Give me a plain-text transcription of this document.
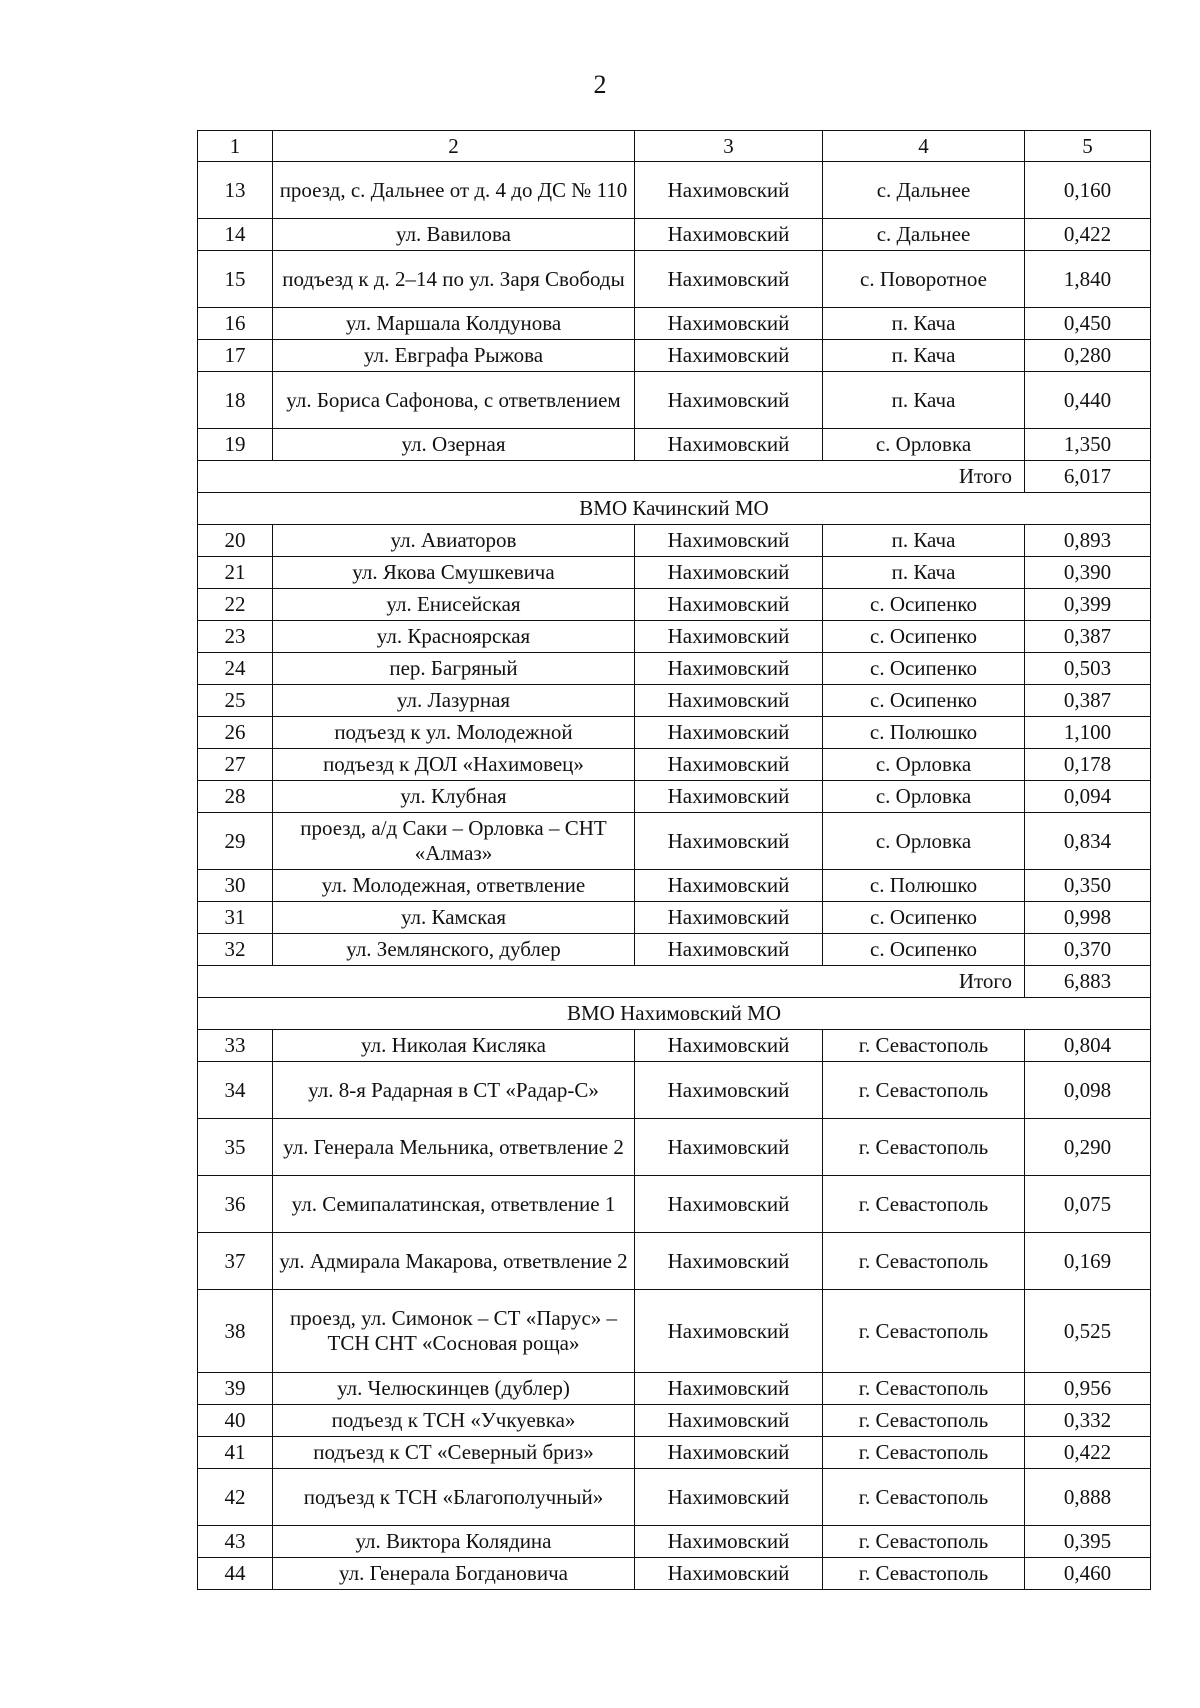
2
1	2	3	4	5
13	проезд, с. Дальнее от д. 4 до ДС № 110	Нахимовский	с. Дальнее	0,160
14	ул. Вавилова	Нахимовский	с. Дальнее	0,422
15	подъезд к д. 2–14 по ул. Заря Свободы	Нахимовский	с. Поворотное	1,840
16	ул. Маршала Колдунова	Нахимовский	п. Кача	0,450
17	ул. Евграфа Рыжова	Нахимовский	п. Кача	0,280
18	ул. Бориса Сафонова, с ответвлением	Нахимовский	п. Кача	0,440
19	ул. Озерная	Нахимовский	с. Орловка	1,350
Итого				6,017
ВМО Качинский МО				
20	ул. Авиаторов	Нахимовский	п. Кача	0,893
21	ул. Якова Смушкевича	Нахимовский	п. Кача	0,390
22	ул. Енисейская	Нахимовский	с. Осипенко	0,399
23	ул. Красноярская	Нахимовский	с. Осипенко	0,387
24	пер. Багряный	Нахимовский	с. Осипенко	0,503
25	ул. Лазурная	Нахимовский	с. Осипенко	0,387
26	подъезд к ул. Молодежной	Нахимовский	с. Полюшко	1,100
27	подъезд к ДОЛ «Нахимовец»	Нахимовский	с. Орловка	0,178
28	ул. Клубная	Нахимовский	с. Орловка	0,094
29	проезд, а/д Саки – Орловка – СНТ «Алмаз»	Нахимовский	с. Орловка	0,834
30	ул. Молодежная, ответвление	Нахимовский	с. Полюшко	0,350
31	ул. Камская	Нахимовский	с. Осипенко	0,998
32	ул. Землянского, дублер	Нахимовский	с. Осипенко	0,370
Итого				6,883
ВМО Нахимовский МО				
33	ул. Николая Кисляка	Нахимовский	г. Севастополь	0,804
34	ул. 8-я Радарная в СТ «Радар-С»	Нахимовский	г. Севастополь	0,098
35	ул. Генерала Мельника, ответвление 2	Нахимовский	г. Севастополь	0,290
36	ул. Семипалатинская, ответвление 1	Нахимовский	г. Севастополь	0,075
37	ул. Адмирала Макарова, ответвление 2	Нахимовский	г. Севастополь	0,169
38	проезд, ул. Симонок – СТ «Парус» – ТСН СНТ «Сосновая роща»	Нахимовский	г. Севастополь	0,525
39	ул. Челюскинцев (дублер)	Нахимовский	г. Севастополь	0,956
40	подъезд к ТСН «Учкуевка»	Нахимовский	г. Севастополь	0,332
41	подъезд к СТ «Северный бриз»	Нахимовский	г. Севастополь	0,422
42	подъезд к ТСН «Благополучный»	Нахимовский	г. Севастополь	0,888
43	ул. Виктора Колядина	Нахимовский	г. Севастополь	0,395
44	ул. Генерала Богдановича	Нахимовский	г. Севастополь	0,460
